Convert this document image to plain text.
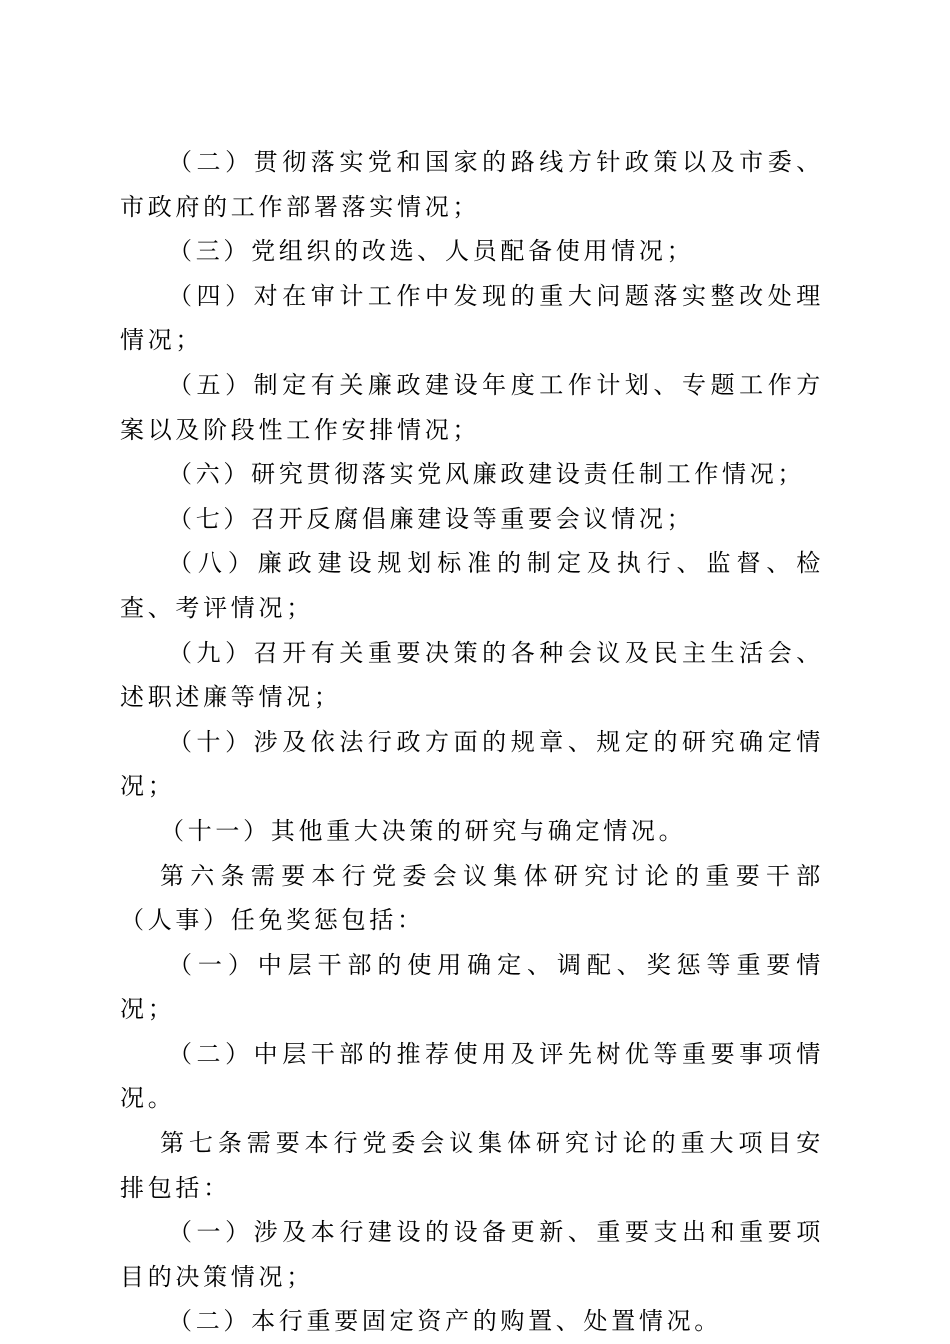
（二）贯彻落实党和国家的路线方针政策以及市委、市政府的工作部署落实情况；

（三）党组织的改选、人员配备使用情况；

（四）对在审计工作中发现的重大问题落实整改处理情况；

（五）制定有关廉政建设年度工作计划、专题工作方案以及阶段性工作安排情况；

（六）研究贯彻落实党风廉政建设责任制工作情况；

（七）召开反腐倡廉建设等重要会议情况；

（八）廉政建设规划标准的制定及执行、监督、检查、考评情况；

（九）召开有关重要决策的各种会议及民主生活会、述职述廉等情况；

（十）涉及依法行政方面的规章、规定的研究确定情况；

（十一）其他重大决策的研究与确定情况。

第六条需要本行党委会议集体研究讨论的重要干部（人事）任免奖惩包括：

（一）中层干部的使用确定、调配、奖惩等重要情况；

（二）中层干部的推荐使用及评先树优等重要事项情况。

第七条需要本行党委会议集体研究讨论的重大项目安排包括：

（一）涉及本行建设的设备更新、重要支出和重要项目的决策情况；

（二）本行重要固定资产的购置、处置情况。
